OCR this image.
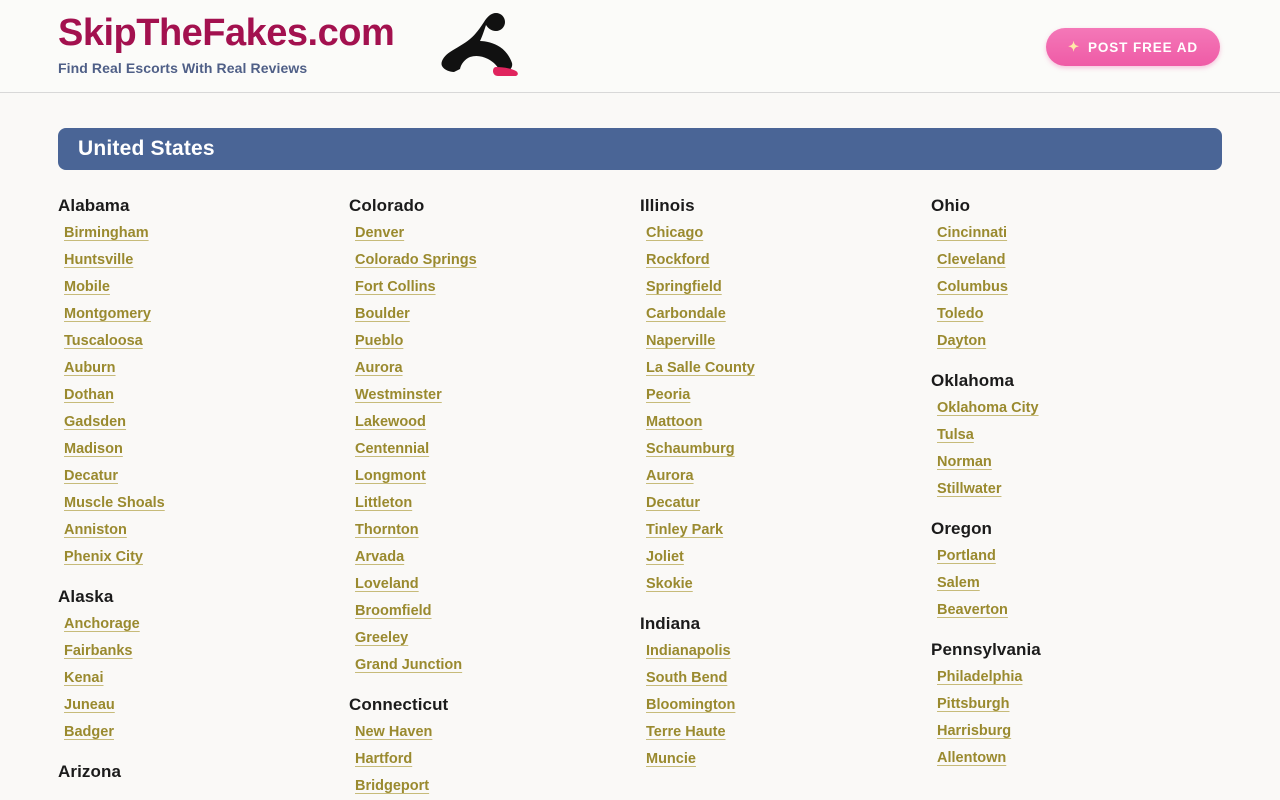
SkipTheFakes.com
Find Real Escorts With Real Reviews
✦ POST FREE AD
United States
Alabama
Birmingham
Huntsville
Mobile
Montgomery
Tuscaloosa
Auburn
Dothan
Gadsden
Madison
Decatur
Muscle Shoals
Anniston
Phenix City
Alaska
Anchorage
Fairbanks
Kenai
Juneau
Badger
Arizona
Colorado
Denver
Colorado Springs
Fort Collins
Boulder
Pueblo
Aurora
Westminster
Lakewood
Centennial
Longmont
Littleton
Thornton
Arvada
Loveland
Broomfield
Greeley
Grand Junction
Connecticut
New Haven
Hartford
Bridgeport
Illinois
Chicago
Rockford
Springfield
Carbondale
Naperville
La Salle County
Peoria
Mattoon
Schaumburg
Aurora
Decatur
Tinley Park
Joliet
Skokie
Indiana
Indianapolis
South Bend
Bloomington
Terre Haute
Muncie
Ohio
Cincinnati
Cleveland
Columbus
Toledo
Dayton
Oklahoma
Oklahoma City
Tulsa
Norman
Stillwater
Oregon
Portland
Salem
Beaverton
Pennsylvania
Philadelphia
Pittsburgh
Harrisburg
Allentown
